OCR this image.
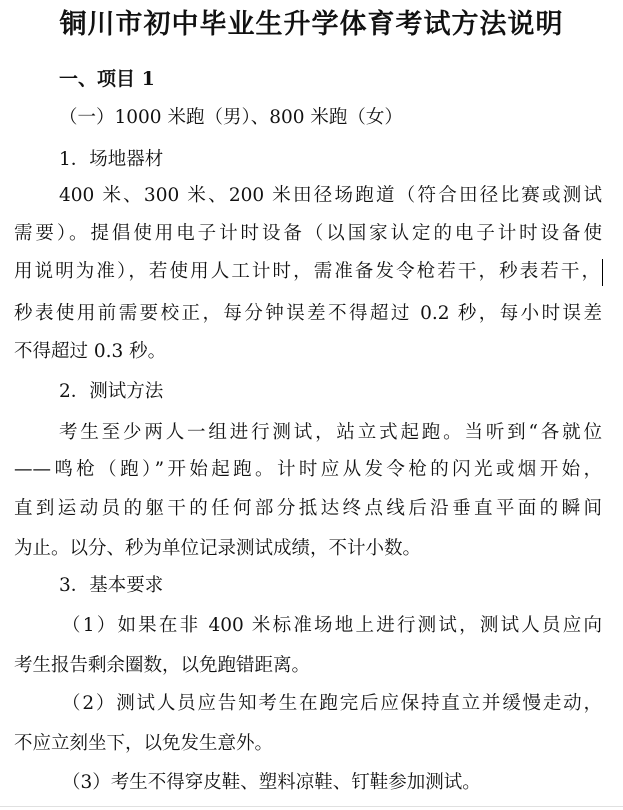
铜川市初中毕业生升学体育考试方法说明
一、项目 1
（一）1000 米跑（男）、800 米跑（女）
1．场地器材
400 米、300 米、200 米田径场跑道（符合田径比赛或测试
需要）。提倡使用电子计时设备（以国家认定的电子计时设备使
用说明为准），若使用人工计时，需准备发令枪若干，秒表若干，
秒表使用前需要校正，每分钟误差不得超过 0.2 秒，每小时误差
不得超过 0.3 秒。
2．测试方法
考生至少两人一组进行测试，站立式起跑。当听到“各就位
——鸣枪（跑）”开始起跑。计时应从发令枪的闪光或烟开始，
直到运动员的躯干的任何部分抵达终点线后沿垂直平面的瞬间
为止。以分、秒为单位记录测试成绩，不计小数。
3．基本要求
（1）如果在非 400 米标准场地上进行测试，测试人员应向
考生报告剩余圈数，以免跑错距离。
（2）测试人员应告知考生在跑完后应保持直立并缓慢走动，
不应立刻坐下，以免发生意外。
（3）考生不得穿皮鞋、塑料凉鞋、钉鞋参加测试。
